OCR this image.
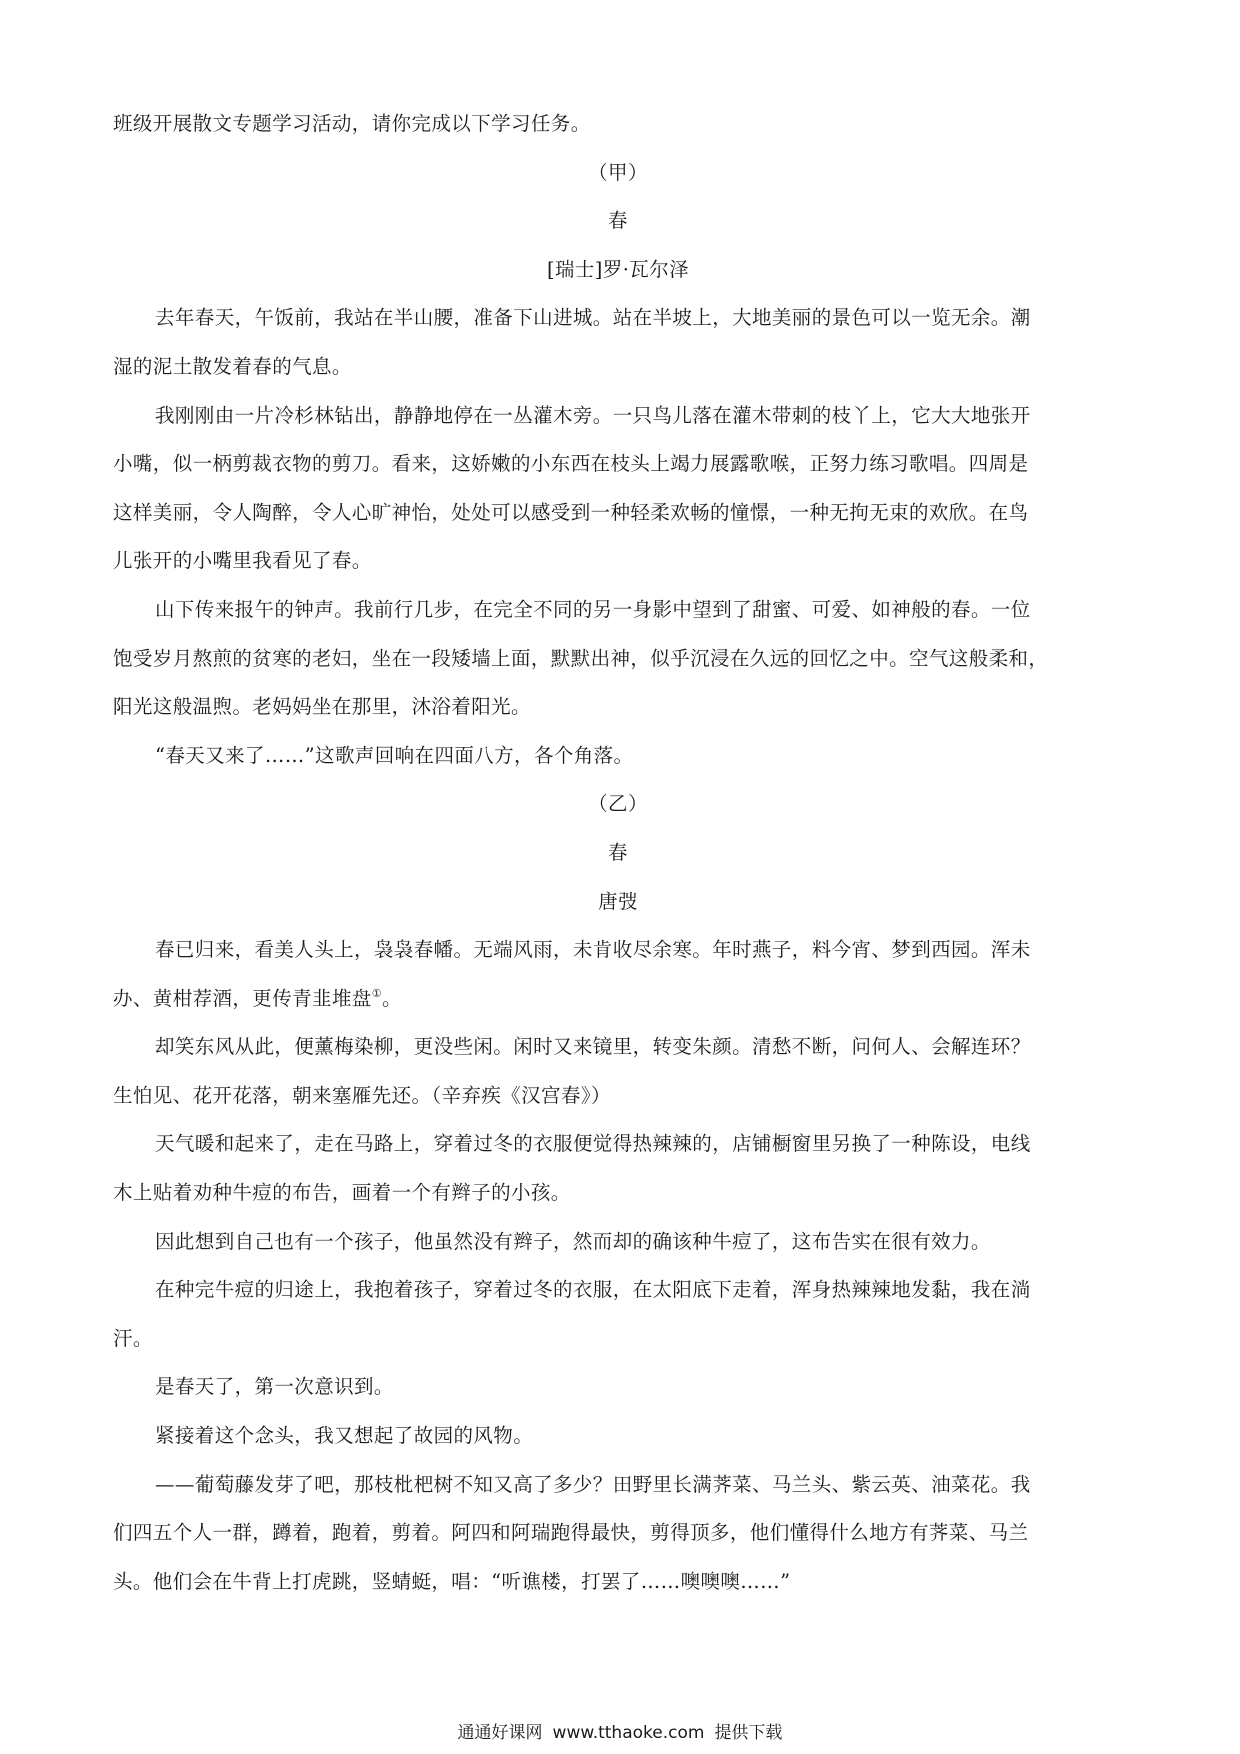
班级开展散文专题学习活动，请你完成以下学习任务。
（甲）
春
[瑞士]罗·瓦尔泽
去年春天，午饭前，我站在半山腰，准备下山进城。站在半坡上，大地美丽的景色可以一览无余。潮
湿的泥土散发着春的气息。
我刚刚由一片冷杉林钻出，静静地停在一丛灌木旁。一只鸟儿落在灌木带刺的枝丫上，它大大地张开
小嘴，似一柄剪裁衣物的剪刀。看来，这娇嫩的小东西在枝头上竭力展露歌喉，正努力练习歌唱。四周是
这样美丽，令人陶醉，令人心旷神怡，处处可以感受到一种轻柔欢畅的憧憬，一种无拘无束的欢欣。在鸟
儿张开的小嘴里我看见了春。
山下传来报午的钟声。我前行几步，在完全不同的另一身影中望到了甜蜜、可爱、如神般的春。一位
饱受岁月熬煎的贫寒的老妇，坐在一段矮墙上面，默默出神，似乎沉浸在久远的回忆之中。空气这般柔和，
阳光这般温煦。老妈妈坐在那里，沐浴着阳光。
“春天又来了……”这歌声回响在四面八方，各个角落。
（乙）
春
唐弢
春已归来，看美人头上，袅袅春幡。无端风雨，未肯收尽余寒。年时燕子，料今宵、梦到西园。浑未
办、黄柑荐酒，更传青韭堆盘①。
却笑东风从此，便薰梅染柳，更没些闲。闲时又来镜里，转变朱颜。清愁不断，问何人、会解连环？
生怕见、花开花落，朝来塞雁先还。（辛弃疾《汉宫春》）
天气暖和起来了，走在马路上，穿着过冬的衣服便觉得热辣辣的，店铺橱窗里另换了一种陈设，电线
木上贴着劝种牛痘的布告，画着一个有辫子的小孩。
因此想到自己也有一个孩子，他虽然没有辫子，然而却的确该种牛痘了，这布告实在很有效力。
在种完牛痘的归途上，我抱着孩子，穿着过冬的衣服，在太阳底下走着，浑身热辣辣地发黏，我在淌
汗。
是春天了，第一次意识到。
紧接着这个念头，我又想起了故园的风物。
——葡萄藤发芽了吧，那枝枇杷树不知又高了多少？田野里长满荠菜、马兰头、紫云英、油菜花。我
们四五个人一群，蹲着，跑着，剪着。阿四和阿瑞跑得最快，剪得顶多，他们懂得什么地方有荠菜、马兰
头。他们会在牛背上打虎跳，竖蜻蜓，唱：“听谯楼，打罢了……噢噢噢……”
通通好课网 www.tthaoke.com 提供下载
